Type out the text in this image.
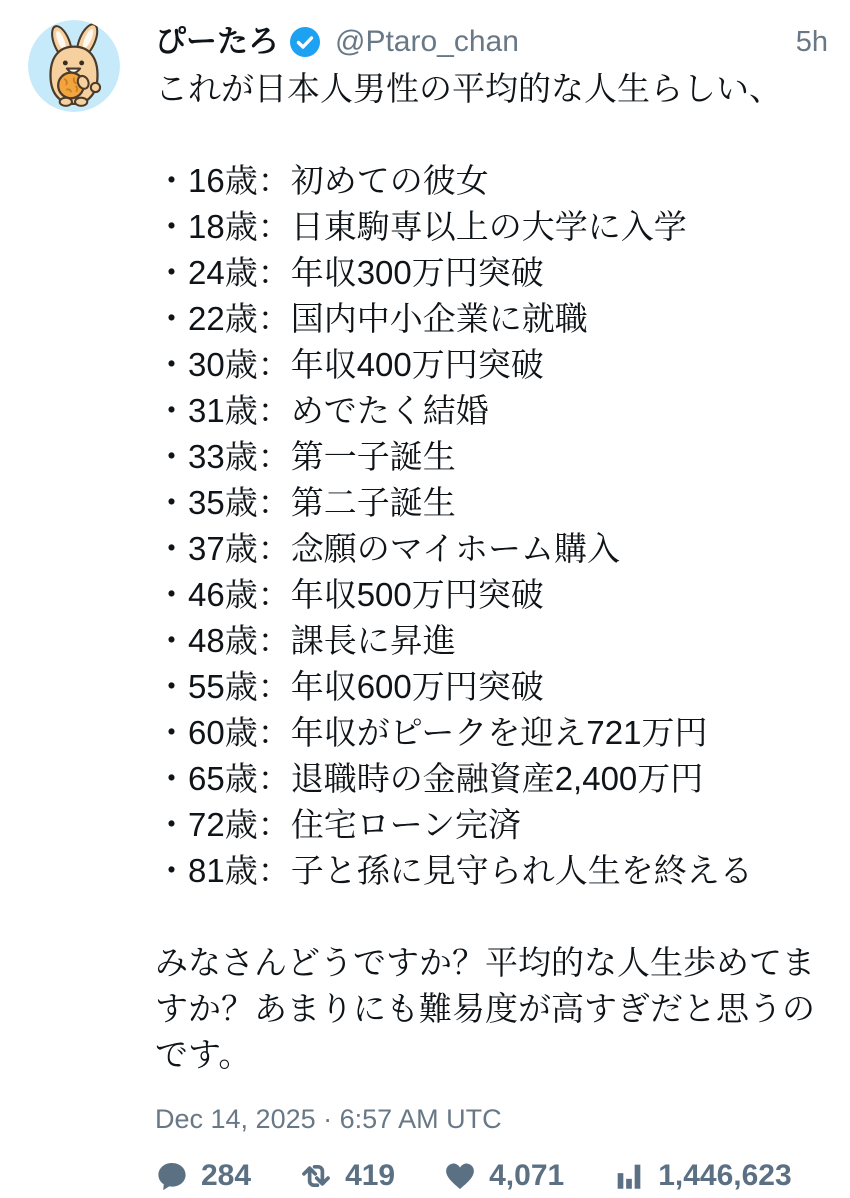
ぴーたろ @Ptaro_chan	5h
これが日本人男性の平均的な人生らしい、
・16歳：初めての彼女
・18歳：日東駒専以上の大学に入学
・24歳：年収300万円突破
・22歳：国内中小企業に就職
・30歳：年収400万円突破
・31歳：めでたく結婚
・33歳：第一子誕生
・35歳：第二子誕生
・37歳：念願のマイホーム購入
・46歳：年収500万円突破
・48歳：課長に昇進
・55歳：年収600万円突破
・60歳：年収がピークを迎え721万円
・65歳：退職時の金融資産2,400万円
・72歳：住宅ローン完済
・81歳：子と孫に見守られ人生を終える
みなさんどうですか？平均的な人生歩めてますか？あまりにも難易度が高すぎだと思うのです。
Dec 14, 2025 · 6:57 AM UTC
284	419	4,071	1,446,623
